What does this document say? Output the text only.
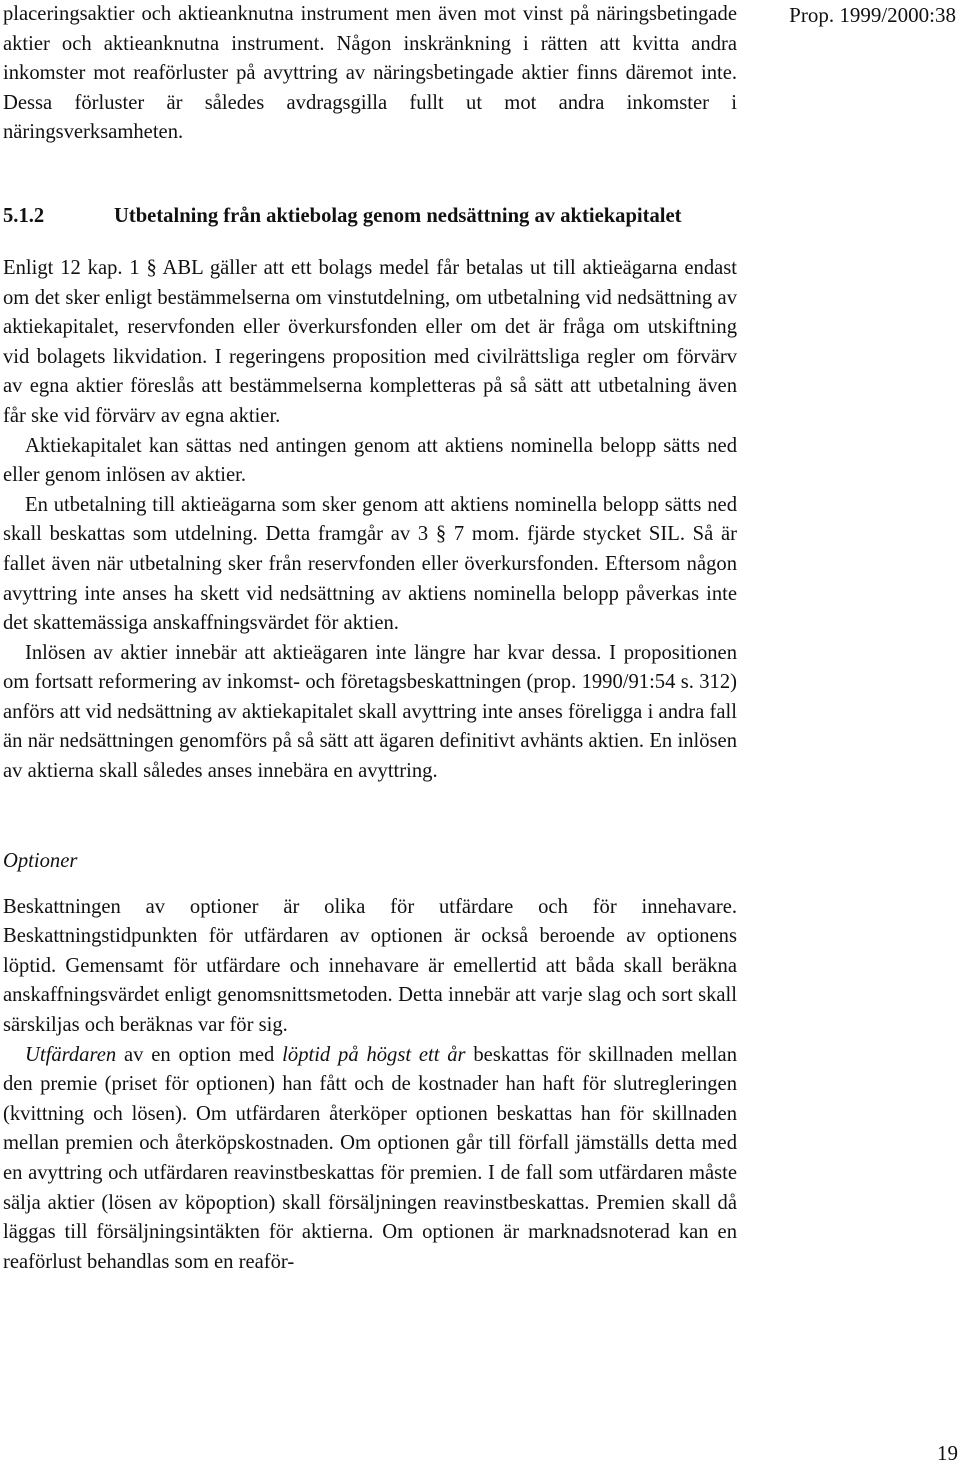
Prop. 1999/2000:38

placeringsaktier och aktieanknutna instrument men även mot vinst på näringsbetingade aktier och aktieanknutna instrument. Någon inskränkning i rätten att kvitta andra inkomster mot reaförluster på avyttring av näringsbetingade aktier finns däremot inte. Dessa förluster är således avdragsgilla fullt ut mot andra inkomster i näringsverksamheten.

5.1.2	Utbetalning från aktiebolag genom nedsättning av aktiekapitalet

Enligt 12 kap. 1 § ABL gäller att ett bolags medel får betalas ut till aktieägarna endast om det sker enligt bestämmelserna om vinstutdelning, om utbetalning vid nedsättning av aktiekapitalet, reservfonden eller överkursfonden eller om det är fråga om utskiftning vid bolagets likvidation. I regeringens proposition med civilrättsliga regler om förvärv av egna aktier föreslås att bestämmelserna kompletteras på så sätt att utbetalning även får ske vid förvärv av egna aktier.

Aktiekapitalet kan sättas ned antingen genom att aktiens nominella belopp sätts ned eller genom inlösen av aktier.

En utbetalning till aktieägarna som sker genom att aktiens nominella belopp sätts ned skall beskattas som utdelning. Detta framgår av 3 § 7 mom. fjärde stycket SIL. Så är fallet även när utbetalning sker från reservfonden eller överkursfonden. Eftersom någon avyttring inte anses ha skett vid nedsättning av aktiens nominella belopp påverkas inte det skattemässiga anskaffningsvärdet för aktien.

Inlösen av aktier innebär att aktieägaren inte längre har kvar dessa. I propositionen om fortsatt reformering av inkomst- och företagsbeskattningen (prop. 1990/91:54 s. 312) anförs att vid nedsättning av aktiekapitalet skall avyttring inte anses föreligga i andra fall än när nedsättningen genomförs på så sätt att ägaren definitivt avhänts aktien. En inlösen av aktierna skall således anses innebära en avyttring.

Optioner

Beskattningen av optioner är olika för utfärdare och för innehavare. Beskattningstidpunkten för utfärdaren av optionen är också beroende av optionens löptid. Gemensamt för utfärdare och innehavare är emellertid att båda skall beräkna anskaffningsvärdet enligt genomsnittsmetoden. Detta innebär att varje slag och sort skall särskiljas och beräknas var för sig.

Utfärdaren av en option med löptid på högst ett år beskattas för skillnaden mellan den premie (priset för optionen) han fått och de kostnader han haft för slutregleringen (kvittning och lösen). Om utfärdaren återköper optionen beskattas han för skillnaden mellan premien och återköpskostnaden. Om optionen går till förfall jämställs detta med en avyttring och utfärdaren reavinstbeskattas för premien. I de fall som utfärdaren måste sälja aktier (lösen av köpoption) skall försäljningen reavinstbeskattas. Premien skall då läggas till försäljningsintäkten för aktierna. Om optionen är marknadsnoterad kan en reaförlust behandlas som en reaför-

19
